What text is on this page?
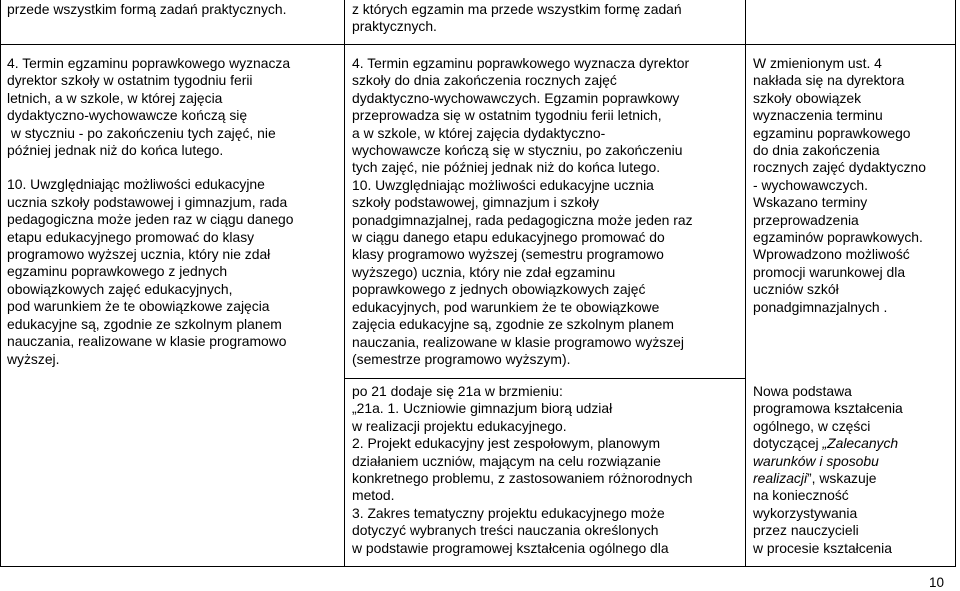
przede wszystkim formą zadań praktycznych.

4. Termin egzaminu poprawkowego wyznacza

dyrektor szkoły w ostatnim tygodniu ferii

letnich, a w szkole, w której zajęcia

dydaktyczno-wychowawcze kończą się

w styczniu - po zakończeniu tych zajęć, nie

później jednak niż do końca lutego.

10. Uwzględniając możliwości edukacyjne

ucznia szkoły podstawowej i gimnazjum, rada

pedagogiczna może jeden raz w ciągu danego

etapu edukacyjnego promować do klasy

programowo wyższej ucznia, który nie zdał

egzaminu poprawkowego z jednych

obowiązkowych zajęć edukacyjnych,

pod warunkiem że te obowiązkowe zajęcia

edukacyjne są, zgodnie ze szkolnym planem

nauczania, realizowane w klasie programowo

wyższej.

z których egzamin ma przede wszystkim formę zadań

praktycznych.

4. Termin egzaminu poprawkowego wyznacza dyrektor

szkoły do dnia zakończenia rocznych zajęć

dydaktyczno-wychowawczych. Egzamin poprawkowy

przeprowadza się w ostatnim tygodniu ferii letnich,

a w szkole, w której zajęcia dydaktyczno-

wychowawcze kończą się w styczniu, po zakończeniu

tych zajęć, nie później jednak niż do końca lutego.

10. Uwzględniając możliwości edukacyjne ucznia

szkoły podstawowej, gimnazjum i szkoły

ponadgimnazjalnej, rada pedagogiczna może jeden raz

w ciągu danego etapu edukacyjnego promować do

klasy programowo wyższej (semestru programowo

wyższego) ucznia, który nie zdał egzaminu

poprawkowego z jednych obowiązkowych zajęć

edukacyjnych, pod warunkiem że te obowiązkowe

zajęcia edukacyjne są, zgodnie ze szkolnym planem

nauczania, realizowane w klasie programowo wyższej

(semestrze programowo wyższym).

po 21 dodaje się 21a w brzmieniu:

„21a. 1. Uczniowie gimnazjum biorą udział

w realizacji projektu edukacyjnego.

2. Projekt edukacyjny jest zespołowym, planowym

działaniem uczniów, mającym na celu rozwiązanie

konkretnego problemu, z zastosowaniem różnorodnych

metod.

3. Zakres tematyczny projektu edukacyjnego może

dotyczyć wybranych treści nauczania określonych

w podstawie programowej kształcenia ogólnego dla

W zmienionym ust. 4

nakłada się na dyrektora

szkoły obowiązek

wyznaczenia terminu

egzaminu poprawkowego

do dnia zakończenia

rocznych zajęć dydaktyczno

- wychowawczych.

Wskazano terminy

przeprowadzenia

egzaminów poprawkowych.

Wprowadzono możliwość

promocji warunkowej dla

uczniów szkół

ponadgimnazjalnych .

Nowa podstawa

programowa kształcenia

ogólnego, w części

dotyczącej „Zalecanych

warunków i sposobu

realizacji”, wskazuje

na konieczność

wykorzystywania

przez nauczycieli

w procesie kształcenia

10
